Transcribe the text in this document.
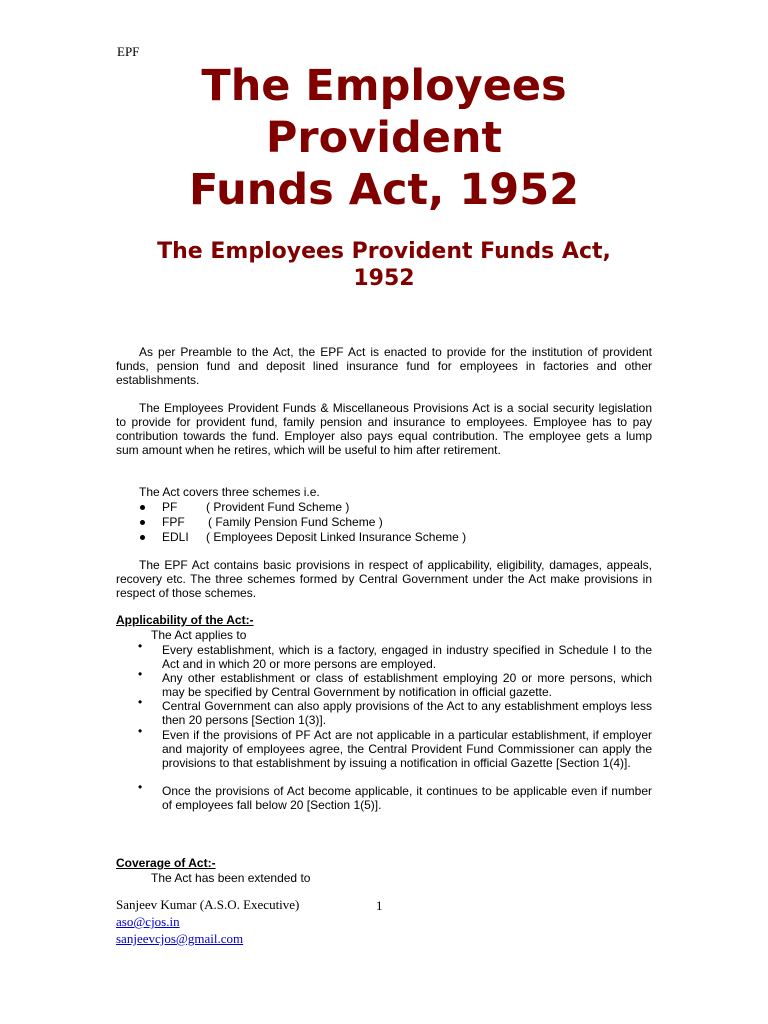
EPF
The Employees
Provident
Funds Act, 1952
The Employees Provident Funds Act,
1952

As per Preamble to the Act, the EPF Act is enacted to provide for the institution of provident funds, pension fund and deposit lined insurance fund for employees in factories and other establishments.

The Employees Provident Funds & Miscellaneous Provisions Act is a social security legislation to provide for provident fund, family pension and insurance to employees. Employee has to pay contribution towards the fund. Employer also pays equal contribution. The employee gets a lump sum amount when he retires, which will be useful to him after retirement.

The Act covers three schemes i.e.

PF ( Provident Fund Scheme )
FPF ( Family Pension Fund Scheme )
EDLI ( Employees Deposit Linked Insurance Scheme )

The EPF Act contains basic provisions in respect of applicability, eligibility, damages, appeals, recovery etc. The three schemes formed by Central Government under the Act make provisions in respect of those schemes.

Applicability of the Act:-

The Act applies to

• Every establishment, which is a factory, engaged in industry specified in Schedule I to the Act and in which 20 or more persons are employed.
• Any other establishment or class of establishment employing 20 or more persons, which may be specified by Central Government by notification in official gazette.
• Central Government can also apply provisions of the Act to any establishment employs less then 20 persons [Section 1(3)].
• Even if the provisions of PF Act are not applicable in a particular establishment, if employer and majority of employees agree, the Central Provident Fund Commissioner can apply the provisions to that establishment by issuing a notification in official Gazette [Section 1(4)].
• Once the provisions of Act become applicable, it continues to be applicable even if number of employees fall below 20 [Section 1(5)].

Coverage of Act:-

The Act has been extended to

Sanjeev Kumar (A.S.O. Executive)	1

aso@cjos.in

sanjeevcjos@gmail.com
